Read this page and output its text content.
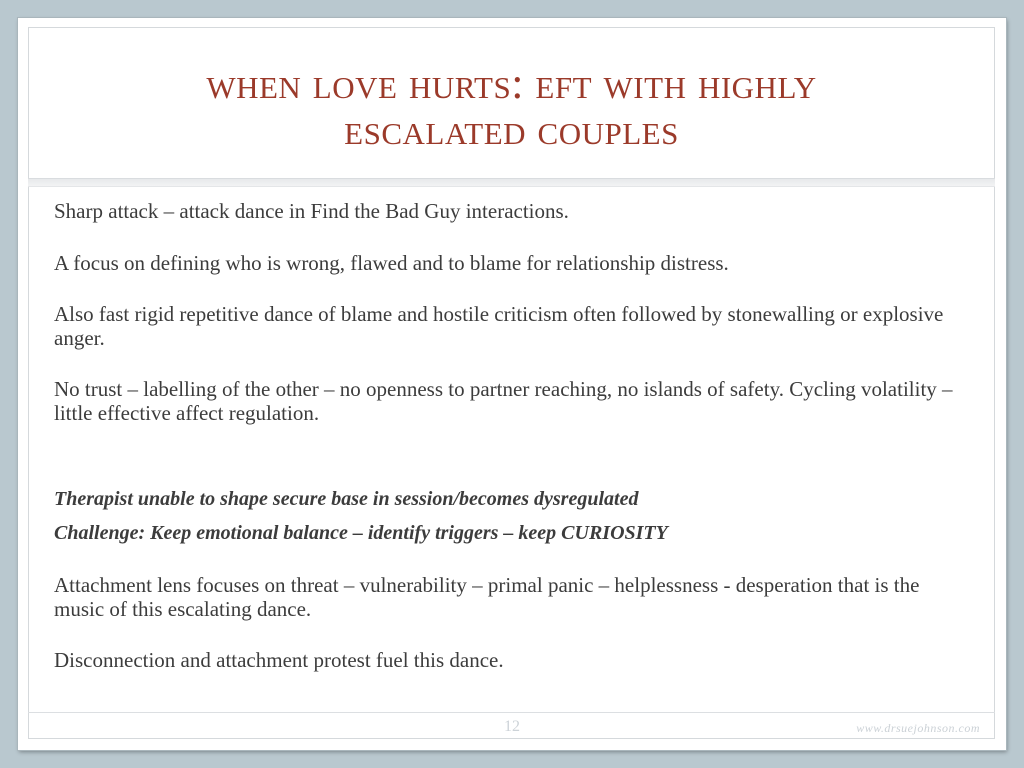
when love hurts: eft with highly escalated couples

Sharp attack – attack dance in Find the Bad Guy interactions.

A focus on defining who is wrong, flawed and to blame for relationship distress.

Also fast rigid repetitive dance of blame and hostile criticism often followed by stonewalling or explosive anger.

No trust – labelling of the other – no openness to partner reaching, no islands of safety. Cycling volatility – little effective affect regulation.

Therapist unable to shape secure base in session/becomes dysregulated

Challenge: Keep emotional balance – identify triggers – keep CURIOSITY

Attachment lens focuses on threat – vulnerability – primal panic – helplessness - desperation that is the music of this escalating dance.

Disconnection and attachment protest fuel this dance.

12	www.drsuejohnson.com
